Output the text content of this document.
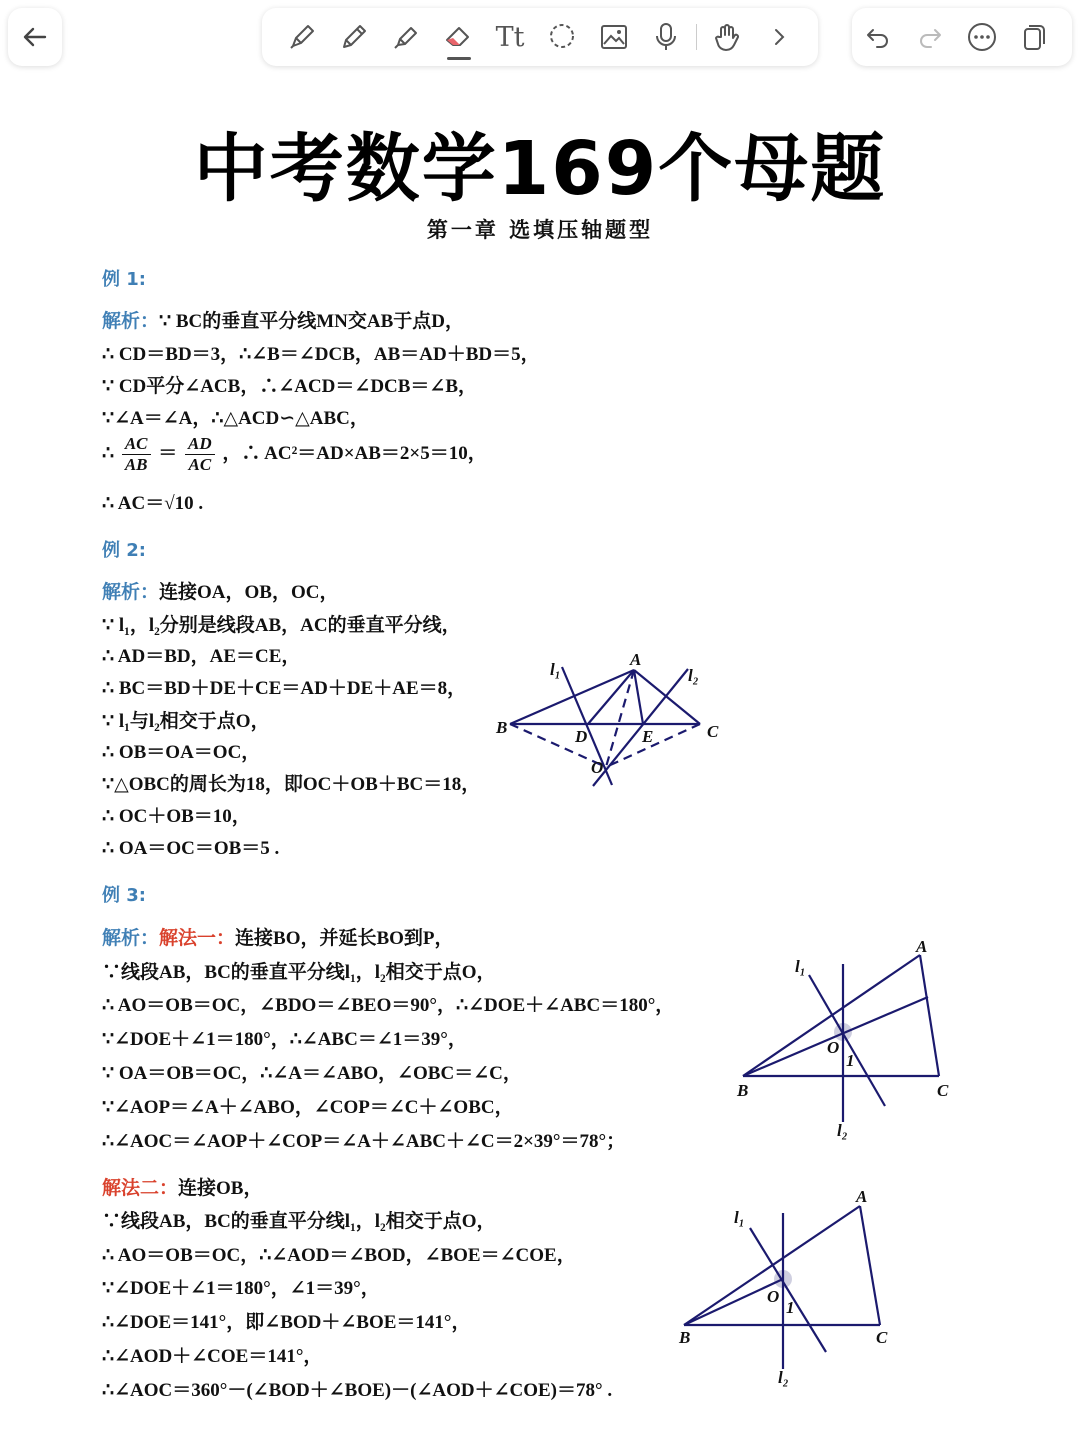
Tt
中考数学169个母题
第一章 选填压轴题型
例 1:
解析：∵ BC的垂直平分线MN交AB于点D，
∴ CD＝BD＝3，∴∠B＝∠DCB，AB＝AD＋BD＝5，
∵ CD平分∠ACB，∴∠ACD＝∠DCB＝∠B，
∵∠A＝∠A，∴△ACD∽△ABC，
∴ $\frac{AC}{AB} = \frac{AD}{AC}$ ，∴ AC²＝AD×AB＝2×5＝10，
∴ AC＝√10 .
例 2:
解析：连接OA，OB，OC，
∵ l₁，l₂分别是线段AB，AC的垂直平分线，
∴ AD＝BD，AE＝CE，
∴ BC＝BD＋DE＋CE＝AD＋DE＋AE＝8，
∵ l₁与l₂相交于点O，
∴ OB＝OA＝OC，
∵△OBC的周长为18，即OC＋OB＋BC＝18，
∴ OC＋OB＝10，
∴ OA＝OC＝OB＝5 .
A
B	C
D	E
O
l₁	l₂
例 3:
解析：解法一：连接BO，并延长BO到P，
∵线段AB，BC的垂直平分线l₁，l₂相交于点O，
∴ AO＝OB＝OC，∠BDO＝∠BEO＝90°，∴∠DOE＋∠ABC＝180°，
∵∠DOE＋∠1＝180°，∴∠ABC＝∠1＝39°，
∵ OA＝OB＝OC，∴∠A＝∠ABO，∠OBC＝∠C，
∵∠AOP＝∠A＋∠ABO，∠COP＝∠C＋∠OBC，
∴∠AOC＝∠AOP＋∠COP＝∠A＋∠ABC＋∠C＝2×39°＝78°；
解法二：连接OB，
∵线段AB，BC的垂直平分线l₁，l₂相交于点O，
∴ AO＝OB＝OC，∴∠AOD＝∠BOD，∠BOE＝∠COE，
∵∠DOE＋∠1＝180°，∠1＝39°，
∴∠DOE＝141°，即∠BOD＋∠BOE＝141°，
∴∠AOD＋∠COE＝141°，
∴∠AOC＝360°－(∠BOD＋∠BOE)－(∠AOD＋∠COE)＝78° .
A
B	C
O
1
l₁
l₂
A
B	C
O
1
l₁
l₂
